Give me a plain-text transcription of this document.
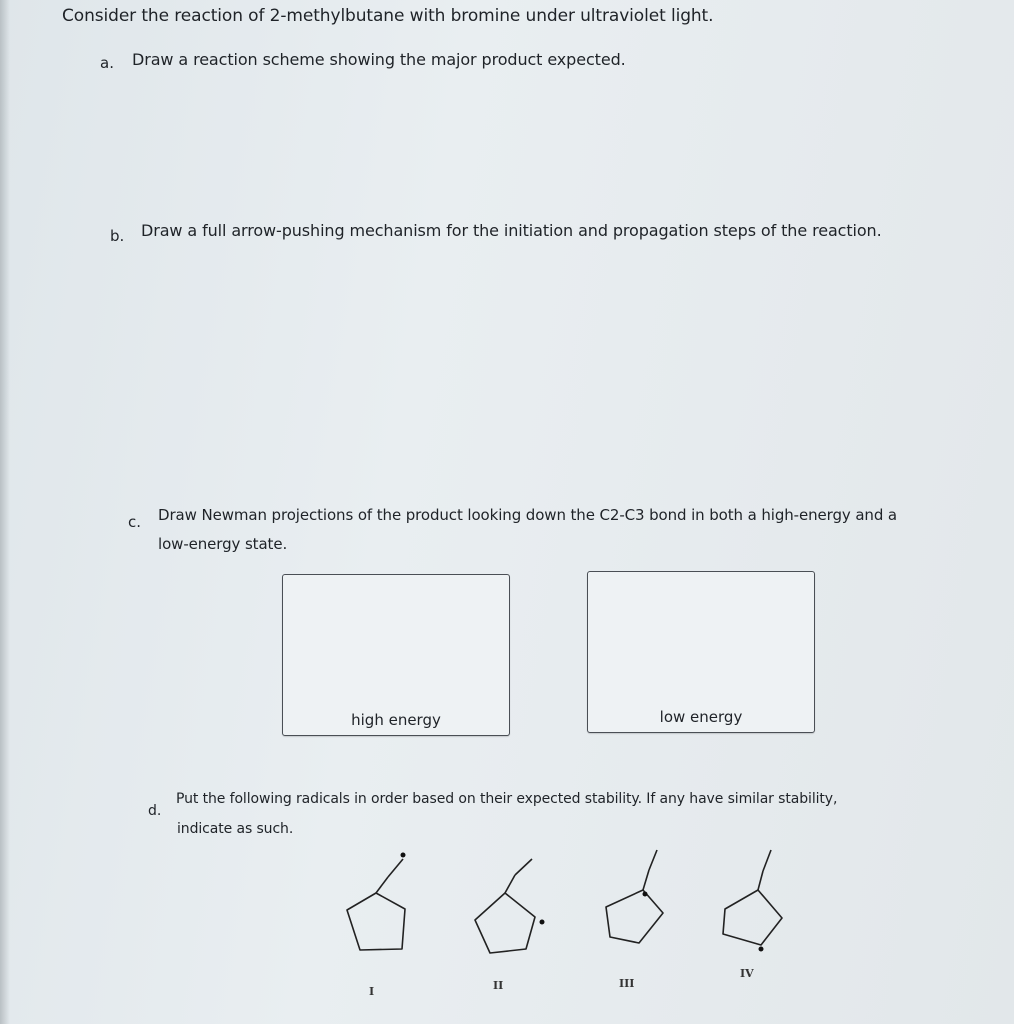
Consider the reaction of 2-methylbutane with bromine under ultraviolet light.
a. Draw a reaction scheme showing the major product expected.
b. Draw a full arrow-pushing mechanism for the initiation and propagation steps of the reaction.
c. Draw Newman projections of the product looking down the C2-C3 bond in both a high-energy and a
low-energy state.
high energy	low energy
d.
Put the following radicals in order based on their expected stability. If any have similar stability,
indicate as such.
I	II	III
IV
